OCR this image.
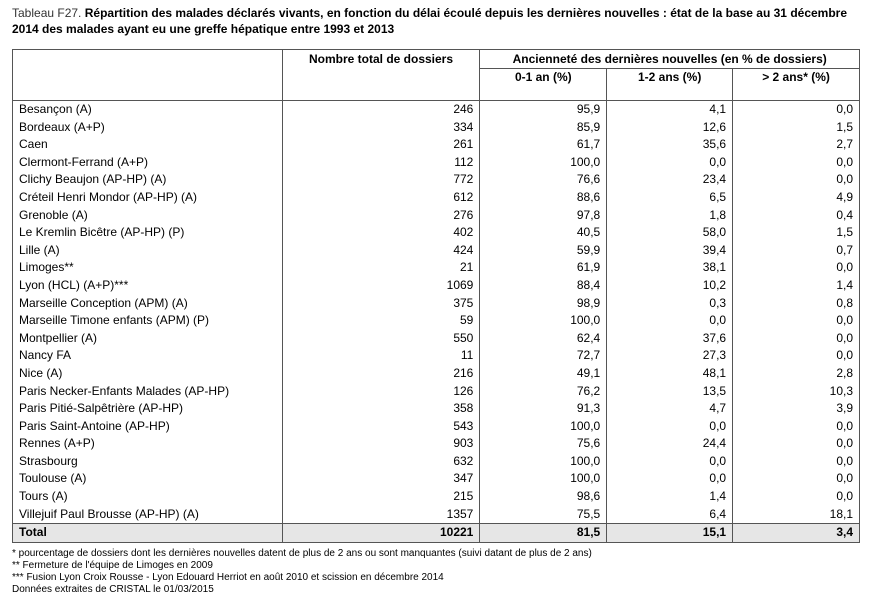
Tableau F27. Répartition des malades déclarés vivants, en fonction du délai écoulé depuis les dernières nouvelles : état de la base au 31 décembre 2014 des malades ayant eu une greffe hépatique entre 1993 et 2013
	Nombre total de dossiers	Ancienneté des dernières nouvelles (en % de dossiers)		
		0-1 an (%)	1-2 ans (%)	> 2 ans* (%)

Besançon (A)	246	95,9	4,1	0,0
Bordeaux (A+P)	334	85,9	12,6	1,5
Caen	261	61,7	35,6	2,7
Clermont-Ferrand (A+P)	112	100,0	0,0	0,0
Clichy Beaujon (AP-HP) (A)	772	76,6	23,4	0,0
Créteil Henri Mondor (AP-HP) (A)	612	88,6	6,5	4,9
Grenoble (A)	276	97,8	1,8	0,4
Le Kremlin Bicêtre (AP-HP) (P)	402	40,5	58,0	1,5
Lille (A)	424	59,9	39,4	0,7
Limoges**	21	61,9	38,1	0,0
Lyon (HCL) (A+P)***	1069	88,4	10,2	1,4
Marseille Conception (APM) (A)	375	98,9	0,3	0,8
Marseille Timone enfants (APM) (P)	59	100,0	0,0	0,0
Montpellier (A)	550	62,4	37,6	0,0
Nancy FA	11	72,7	27,3	0,0
Nice (A)	216	49,1	48,1	2,8
Paris Necker-Enfants Malades (AP-HP)	126	76,2	13,5	10,3
Paris Pitié-Salpêtrière (AP-HP)	358	91,3	4,7	3,9
Paris Saint-Antoine (AP-HP)	543	100,0	0,0	0,0
Rennes (A+P)	903	75,6	24,4	0,0
Strasbourg	632	100,0	0,0	0,0
Toulouse (A)	347	100,0	0,0	0,0
Tours (A)	215	98,6	1,4	0,0
Villejuif Paul Brousse (AP-HP) (A)	1357	75,5	6,4	18,1
Total	10221	81,5	15,1	3,4
* pourcentage de dossiers dont les dernières nouvelles datent de plus de 2 ans ou sont manquantes (suivi datant de plus de 2 ans)
** Fermeture de l'équipe de Limoges en 2009
*** Fusion Lyon Croix Rousse - Lyon Edouard Herriot en août 2010 et scission en décembre 2014
Données extraites de CRISTAL le 01/03/2015
